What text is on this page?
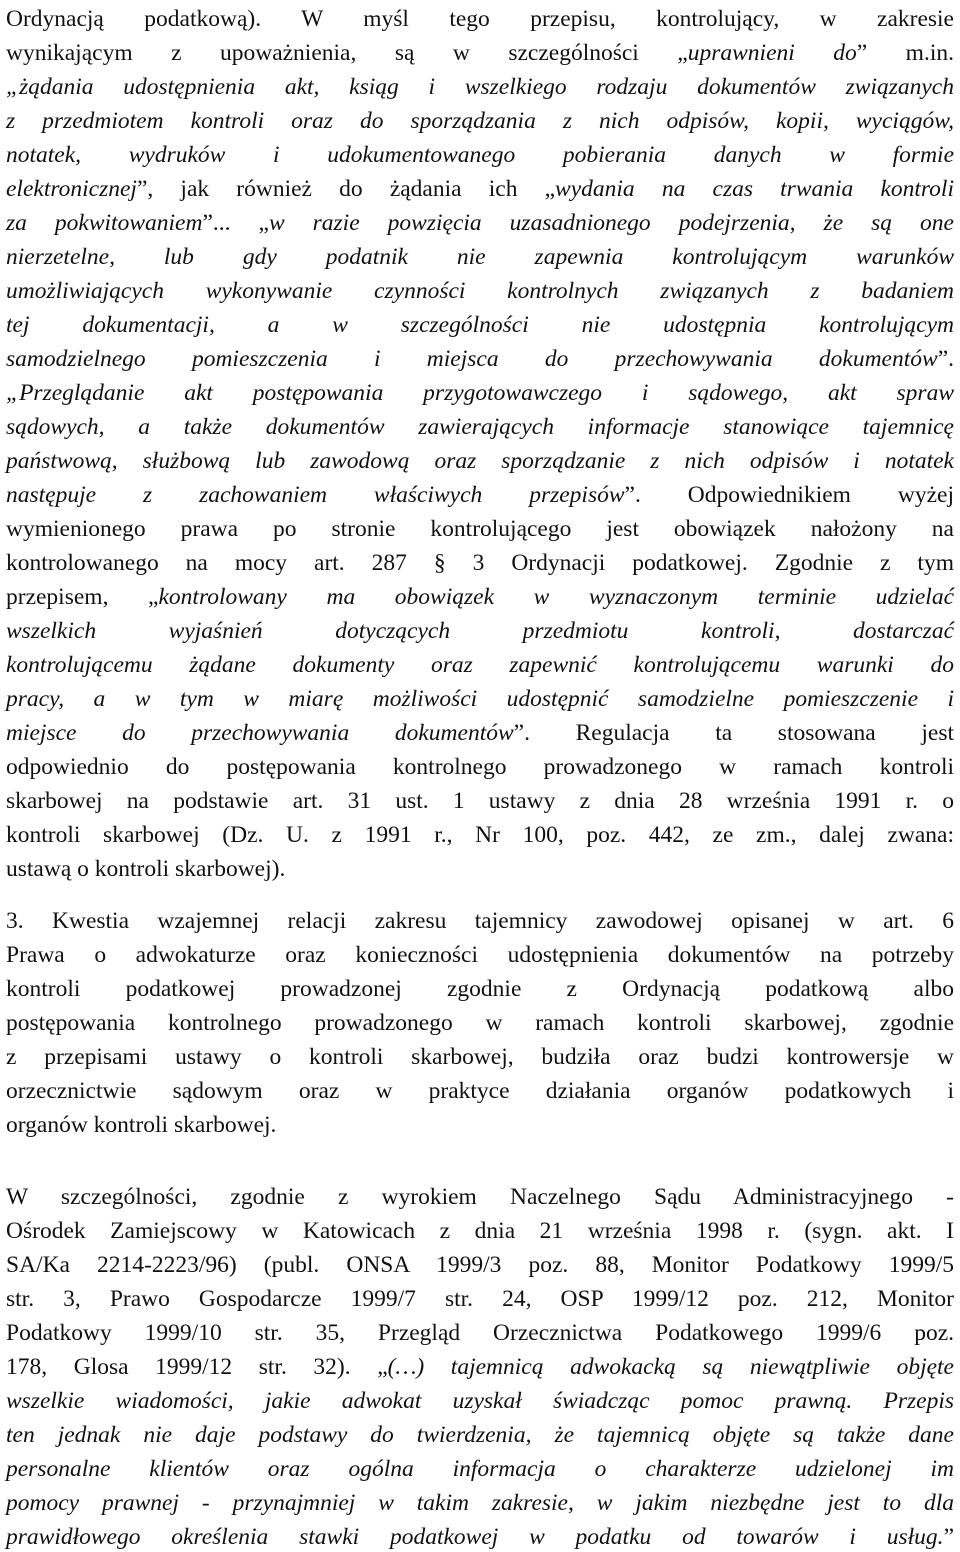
Ordynacją podatkową). W myśl tego przepisu, kontrolujący, w zakresie
wynikającym z upoważnienia, są w szczególności „uprawnieni do” m.in.
„żądania udostępnienia akt, ksiąg i wszelkiego rodzaju dokumentów związanych
z przedmiotem kontroli oraz do sporządzania z nich odpisów, kopii, wyciągów,
notatek, wydruków i udokumentowanego pobierania danych w formie
elektronicznej”, jak również do żądania ich „wydania na czas trwania kontroli
za pokwitowaniem”... „w razie powzięcia uzasadnionego podejrzenia, że są one
nierzetelne, lub gdy podatnik nie zapewnia kontrolującym warunków
umożliwiających wykonywanie czynności kontrolnych związanych z badaniem
tej dokumentacji, a w szczególności nie udostępnia kontrolującym
samodzielnego pomieszczenia i miejsca do przechowywania dokumentów”.
„Przeglądanie akt postępowania przygotowawczego i sądowego, akt spraw
sądowych, a także dokumentów zawierających informacje stanowiące tajemnicę
państwową, służbową lub zawodową oraz sporządzanie z nich odpisów i notatek
następuje z zachowaniem właściwych przepisów”. Odpowiednikiem wyżej
wymienionego prawa po stronie kontrolującego jest obowiązek nałożony na
kontrolowanego na mocy art. 287 § 3 Ordynacji podatkowej. Zgodnie z tym
przepisem, „kontrolowany ma obowiązek w wyznaczonym terminie udzielać
wszelkich wyjaśnień dotyczących przedmiotu kontroli, dostarczać
kontrolującemu żądane dokumenty oraz zapewnić kontrolującemu warunki do
pracy, a w tym w miarę możliwości udostępnić samodzielne pomieszczenie i
miejsce do przechowywania dokumentów”. Regulacja ta stosowana jest
odpowiednio do postępowania kontrolnego prowadzonego w ramach kontroli
skarbowej na podstawie art. 31 ust. 1 ustawy z dnia 28 września 1991 r. o
kontroli skarbowej (Dz. U. z 1991 r., Nr 100, poz. 442, ze zm., dalej zwana:
ustawą o kontroli skarbowej).
3. Kwestia wzajemnej relacji zakresu tajemnicy zawodowej opisanej w art. 6
Prawa o adwokaturze oraz konieczności udostępnienia dokumentów na potrzeby
kontroli podatkowej prowadzonej zgodnie z Ordynacją podatkową albo
postępowania kontrolnego prowadzonego w ramach kontroli skarbowej, zgodnie
z przepisami ustawy o kontroli skarbowej, budziła oraz budzi kontrowersje w
orzecznictwie sądowym oraz w praktyce działania organów podatkowych i
organów kontroli skarbowej.
W szczególności, zgodnie z wyrokiem Naczelnego Sądu Administracyjnego -
Ośrodek Zamiejscowy w Katowicach z dnia 21 września 1998 r. (sygn. akt. I
SA/Ka 2214-2223/96) (publ. ONSA 1999/3 poz. 88, Monitor Podatkowy 1999/5
str. 3, Prawo Gospodarcze 1999/7 str. 24, OSP 1999/12 poz. 212, Monitor
Podatkowy 1999/10 str. 35, Przegląd Orzecznictwa Podatkowego 1999/6 poz.
178, Glosa 1999/12 str. 32). „(…) tajemnicą adwokacką są niewątpliwie objęte
wszelkie wiadomości, jakie adwokat uzyskał świadcząc pomoc prawną. Przepis
ten jednak nie daje podstawy do twierdzenia, że tajemnicą objęte są także dane
personalne klientów oraz ogólna informacja o charakterze udzielonej im
pomocy prawnej - przynajmniej w takim zakresie, w jakim niezbędne jest to dla
prawidłowego określenia stawki podatkowej w podatku od towarów i usług.”
